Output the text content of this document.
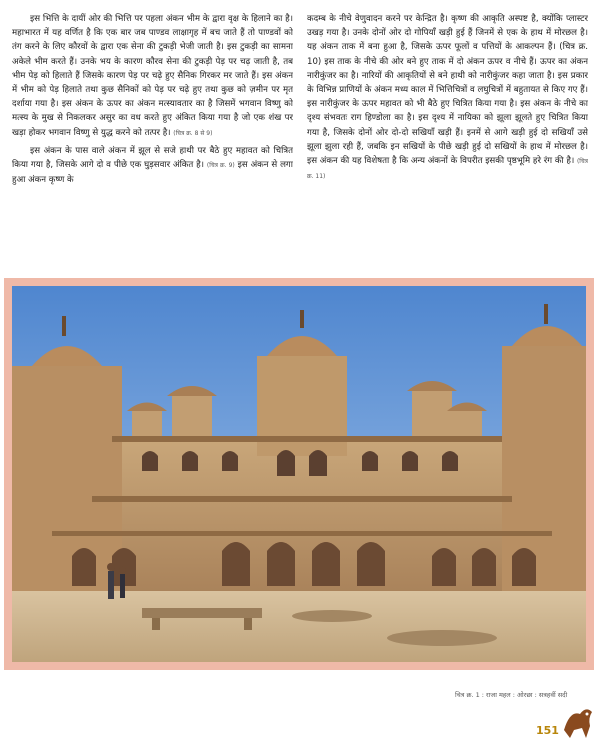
इस भित्ति के दायीं ओर की भित्ति पर पहला अंकन भीम के द्वारा वृक्ष के हिलाने का है। महाभारत में यह वर्णित है कि एक बार जब पाण्डव लाक्षागृह में बच जाते हैं तो पाण्डवों को तंग करने के लिए कौरवों के द्वारा एक सेना की टुकड़ी भेजी जाती है। इस टुकड़ी का सामना अकेले भीम करते हैं। उनके भय के कारण कौरव सेना की टुकड़ी पेड़ पर चढ़ जाती है, तब भीम पेड़ को हिलाते हैं जिसके कारण पेड़ पर चढ़े हुए सैनिक गिरकर मर जाते हैं। इस अंकन में भीम को पेड़ हिलाते तथा कुछ सैनिकों को पेड़ पर चढ़े हुए तथा कुछ को ज़मीन पर मृत दर्शाया गया है। इस अंकन के ऊपर का अंकन मत्स्यावतार का है जिसमें भगवान विष्णु को मत्स्य के मुख से निकलकर असुर का वध करते हुए अंकित किया गया है जो एक शंख पर खड़ा होकर भगवान विष्णु से युद्ध करने को तत्पर है। (चित्र क्र. 8 से 9)

इस अंकन के पास वाले अंकन में झूल से सजे हाथी पर बैठे हुए महावत को चित्रित किया गया है, जिसके आगे दो व पीछे एक घुड़सवार अंकित है। (चित्र क्र. 9) इस अंकन से लगा हुआ अंकन कृष्ण के

कदम्ब के नीचे वेणुवादन करने पर केन्द्रित है। कृष्ण की आकृति अस्पष्ट है, क्योंकि प्लास्टर उखड़ गया है। उनके दोनों ओर दो गोपियाँ खड़ी हुई हैं जिनमें से एक के हाथ में मोरछल है। यह अंकन ताक में बना हुआ है, जिसके ऊपर फूलों व पत्तियों के आकल्पन हैं। (चित्र क्र. 10) इस ताक के नीचे की ओर बने हुए ताक में दो अंकन ऊपर व नीचे हैं। ऊपर का अंकन नारीकुंजर का है। नारियों की आकृतियों से बने हाथी को नारीकुंजर कहा जाता है। इस प्रकार के विभिन्न प्राणियों के अंकन मध्य काल में भित्तिचित्रों व लघुचित्रों में बहुतायत से किए गए हैं। इस नारीकुंजर के ऊपर महावत को भी बैठे हुए चित्रित किया गया है। इस अंकन के नीचे का दृश्य संभवतः राग हिण्डोला का है। इस दृश्य में नायिका को झूला झूलते हुए चित्रित किया गया है, जिसके दोनों ओर दो-दो सखियाँ खड़ी हैं। इनमें से आगे खड़ी हुई दो सखियाँ उसे झूला झुला रही हैं, जबकि इन सखियों के पीछे खड़ी हुई दो सखियों के हाथ में मोरछल है। इस अंकन की यह विशेषता है कि अन्य अंकनों के विपरीत इसकी पृष्ठभूमि हरे रंग की है। (चित्र क्र. 11)

चित्र क्र. 1 : राजा महल : ओरछा : सत्रहवीं सदी
151
